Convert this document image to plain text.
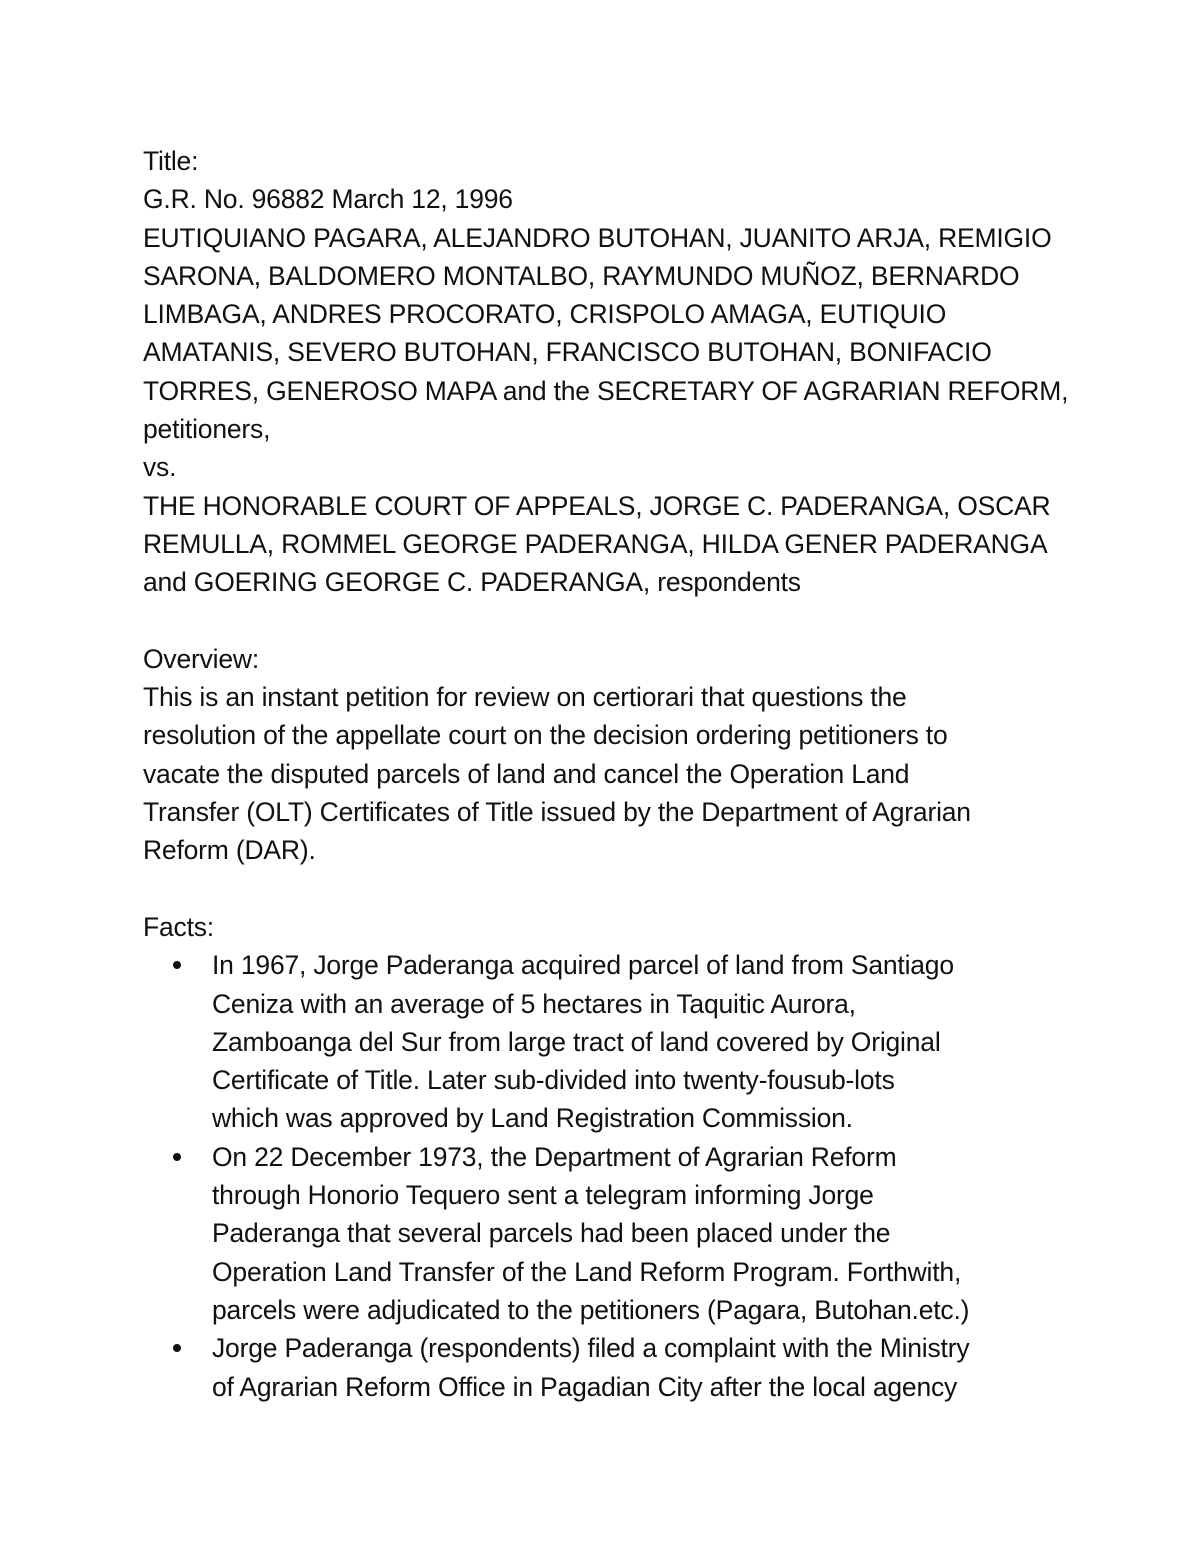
Title:
G.R. No. 96882 March 12, 1996
EUTIQUIANO PAGARA, ALEJANDRO BUTOHAN, JUANITO ARJA, REMIGIO
SARONA, BALDOMERO MONTALBO, RAYMUNDO MUÑOZ, BERNARDO
LIMBAGA, ANDRES PROCORATO, CRISPOLO AMAGA, EUTIQUIO
AMATANIS, SEVERO BUTOHAN, FRANCISCO BUTOHAN, BONIFACIO
TORRES, GENEROSO MAPA and the SECRETARY OF AGRARIAN REFORM,
petitioners,
vs.
THE HONORABLE COURT OF APPEALS, JORGE C. PADERANGA, OSCAR
REMULLA, ROMMEL GEORGE PADERANGA, HILDA GENER PADERANGA
and GOERING GEORGE C. PADERANGA, respondents
Overview:
This is an instant petition for review on certiorari that questions the
resolution of the appellate court on the decision ordering petitioners to
vacate the disputed parcels of land and cancel the Operation Land
Transfer (OLT) Certificates of Title issued by the Department of Agrarian
Reform (DAR).
Facts:
In 1967, Jorge Paderanga acquired parcel of land from Santiago
Ceniza with an average of 5 hectares in Taquitic Aurora,
Zamboanga del Sur from large tract of land covered by Original
Certificate of Title. Later sub-divided into twenty-fousub-lots
which was approved by Land Registration Commission.
On 22 December 1973, the Department of Agrarian Reform
through Honorio Tequero sent a telegram informing Jorge
Paderanga that several parcels had been placed under the
Operation Land Transfer of the Land Reform Program. Forthwith,
parcels were adjudicated to the petitioners (Pagara, Butohan.etc.)
Jorge Paderanga (respondents) filed a complaint with the Ministry
of Agrarian Reform Office in Pagadian City after the local agency
